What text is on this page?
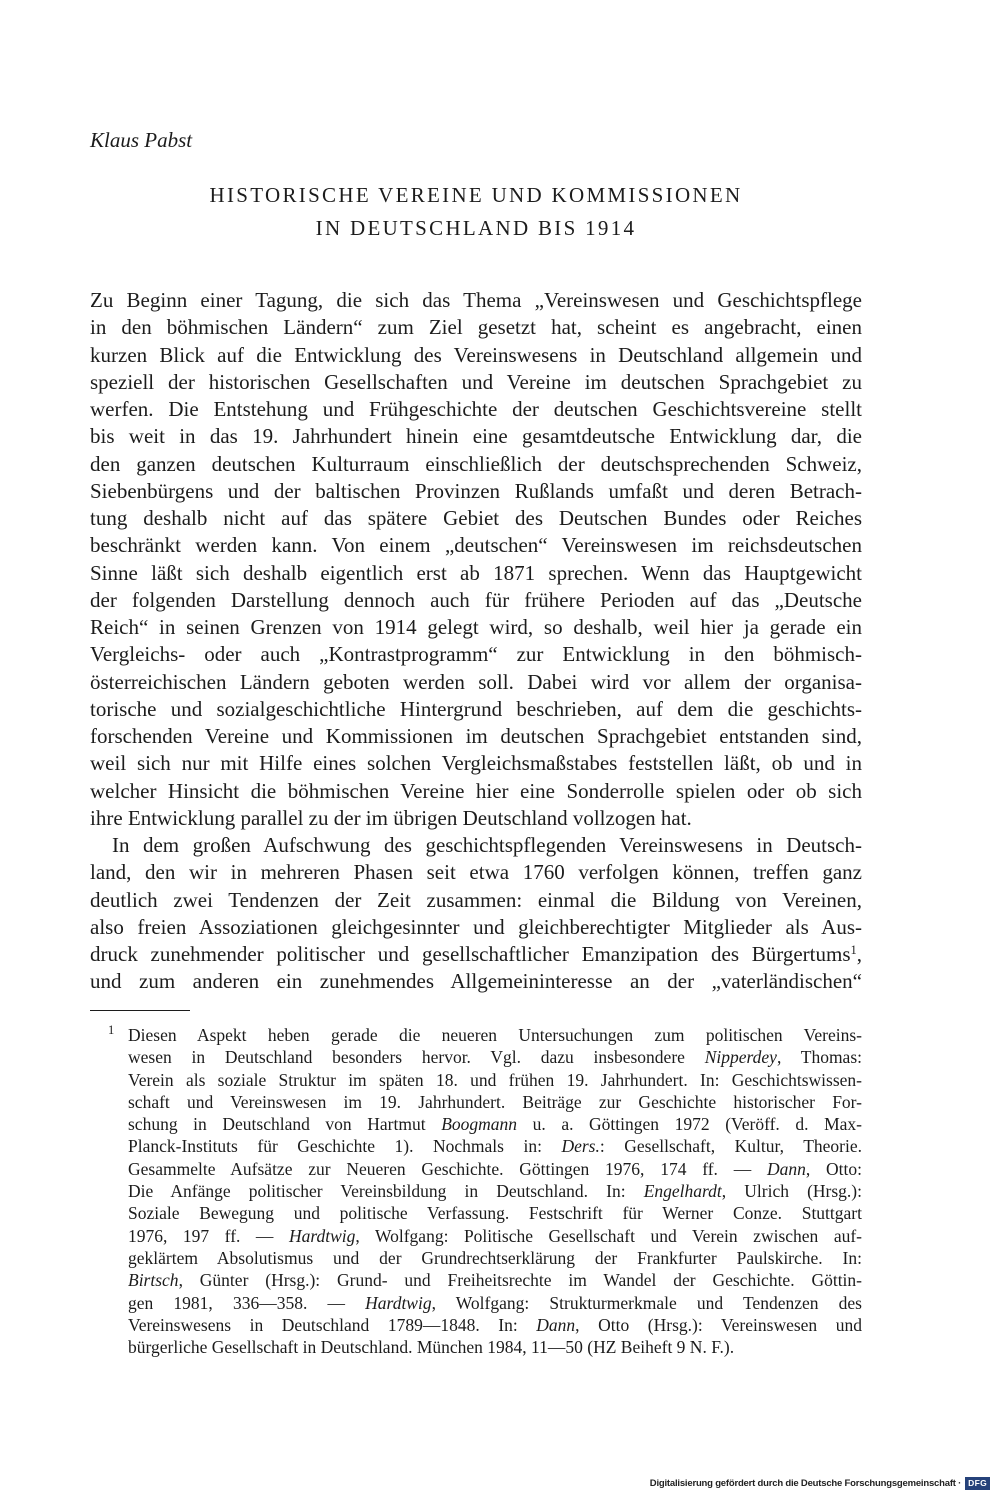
Klaus Pabst
HISTORISCHE VEREINE UND KOMMISSIONEN
IN DEUTSCHLAND BIS 1914
Zu Beginn einer Tagung, die sich das Thema „Vereinswesen und Geschichtspflege
in den böhmischen Ländern“ zum Ziel gesetzt hat, scheint es angebracht, einen
kurzen Blick auf die Entwicklung des Vereinswesens in Deutschland allgemein und
speziell der historischen Gesellschaften und Vereine im deutschen Sprachgebiet zu
werfen. Die Entstehung und Frühgeschichte der deutschen Geschichtsvereine stellt
bis weit in das 19. Jahrhundert hinein eine gesamtdeutsche Entwicklung dar, die
den ganzen deutschen Kulturraum einschließlich der deutschsprechenden Schweiz,
Siebenbürgens und der baltischen Provinzen Rußlands umfaßt und deren Betrach-
tung deshalb nicht auf das spätere Gebiet des Deutschen Bundes oder Reiches
beschränkt werden kann. Von einem „deutschen“ Vereinswesen im reichsdeutschen
Sinne läßt sich deshalb eigentlich erst ab 1871 sprechen. Wenn das Hauptgewicht
der folgenden Darstellung dennoch auch für frühere Perioden auf das „Deutsche
Reich“ in seinen Grenzen von 1914 gelegt wird, so deshalb, weil hier ja gerade ein
Vergleichs- oder auch „Kontrastprogramm“ zur Entwicklung in den böhmisch-
österreichischen Ländern geboten werden soll. Dabei wird vor allem der organisa-
torische und sozialgeschichtliche Hintergrund beschrieben, auf dem die geschichts-
forschenden Vereine und Kommissionen im deutschen Sprachgebiet entstanden sind,
weil sich nur mit Hilfe eines solchen Vergleichsmaßstabes feststellen läßt, ob und in
welcher Hinsicht die böhmischen Vereine hier eine Sonderrolle spielen oder ob sich
ihre Entwicklung parallel zu der im übrigen Deutschland vollzogen hat.
In dem großen Aufschwung des geschichtspflegenden Vereinswesens in Deutsch-
land, den wir in mehreren Phasen seit etwa 1760 verfolgen können, treffen ganz
deutlich zwei Tendenzen der Zeit zusammen: einmal die Bildung von Vereinen,
also freien Assoziationen gleichgesinnter und gleichberechtigter Mitglieder als Aus-
druck zunehmender politischer und gesellschaftlicher Emanzipation des Bürgertums$^1$,
und zum anderen ein zunehmendes Allgemeininteresse an der „vaterländischen“
1 Diesen Aspekt heben gerade die neueren Untersuchungen zum politischen Vereins-
wesen in Deutschland besonders hervor. Vgl. dazu insbesondere Nipperdey, Thomas:
Verein als soziale Struktur im späten 18. und frühen 19. Jahrhundert. In: Geschichtswissen-
schaft und Vereinswesen im 19. Jahrhundert. Beiträge zur Geschichte historischer For-
schung in Deutschland von Hartmut Boogmann u. a. Göttingen 1972 (Veröff. d. Max-
Planck-Instituts für Geschichte 1). Nochmals in: Ders.: Gesellschaft, Kultur, Theorie.
Gesammelte Aufsätze zur Neueren Geschichte. Göttingen 1976, 174 ff. — Dann, Otto:
Die Anfänge politischer Vereinsbildung in Deutschland. In: Engelhardt, Ulrich (Hrsg.):
Soziale Bewegung und politische Verfassung. Festschrift für Werner Conze. Stuttgart
1976, 197 ff. — Hardtwig, Wolfgang: Politische Gesellschaft und Verein zwischen auf-
geklärtem Absolutismus und der Grundrechtserklärung der Frankfurter Paulskirche. In:
Birtsch, Günter (Hrsg.): Grund- und Freiheitsrechte im Wandel der Geschichte. Göttin-
gen 1981, 336—358. — Hardtwig, Wolfgang: Strukturmerkmale und Tendenzen des
Vereinswesens in Deutschland 1789—1848. In: Dann, Otto (Hrsg.): Vereinswesen und
bürgerliche Gesellschaft in Deutschland. München 1984, 11—50 (HZ Beiheft 9 N. F.).
Digitalisierung gefördert durch die Deutsche Forschungsgemeinschaft · DFG
